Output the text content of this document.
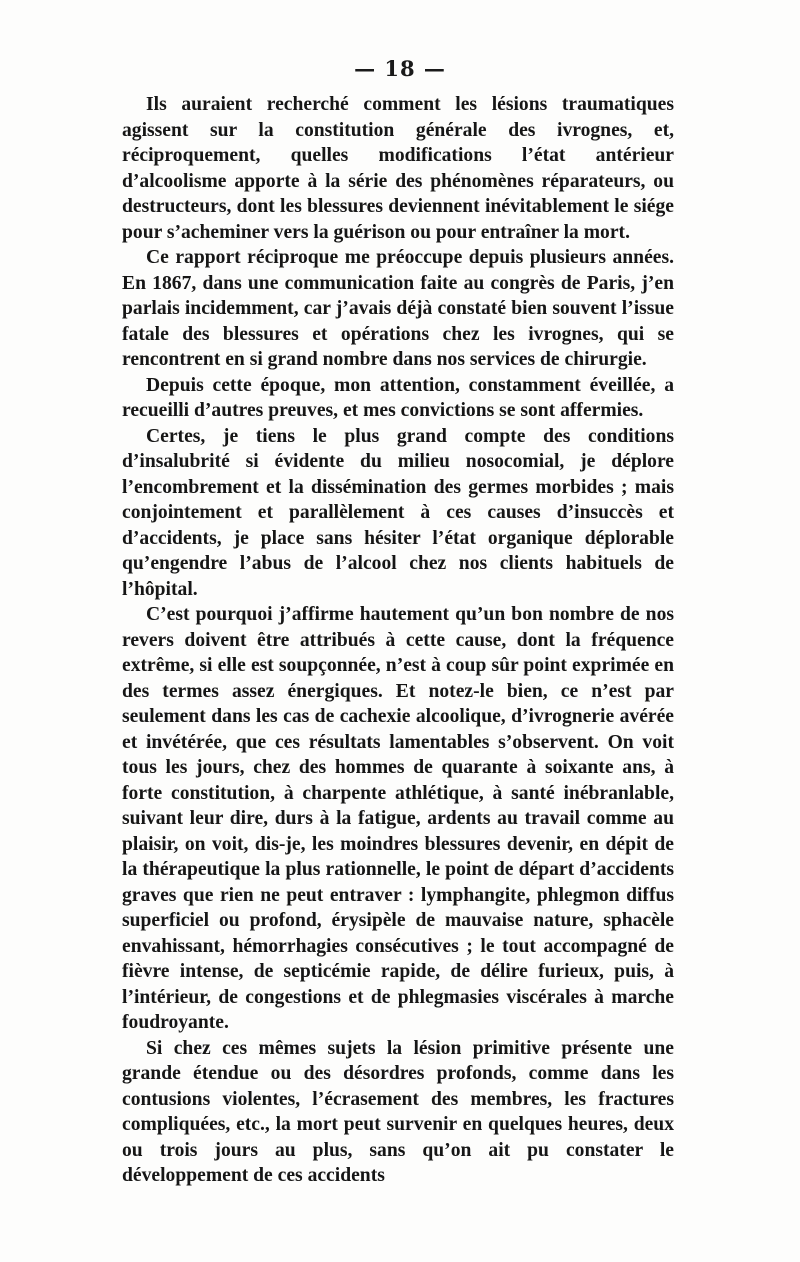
— 18 —

Ils auraient recherché comment les lésions traumatiques agissent sur la constitution générale des ivrognes, et, réciproquement, quelles modifications l’état antérieur d’alcoolisme apporte à la série des phénomènes réparateurs, ou destructeurs, dont les blessures deviennent inévitablement le siége pour s’acheminer vers la guérison ou pour entraîner la mort.

Ce rapport réciproque me préoccupe depuis plusieurs années. En 1867, dans une communication faite au congrès de Paris, j’en parlais incidemment, car j’avais déjà constaté bien souvent l’issue fatale des blessures et opérations chez les ivrognes, qui se rencontrent en si grand nombre dans nos services de chirurgie.

Depuis cette époque, mon attention, constamment éveillée, a recueilli d’autres preuves, et mes convictions se sont affermies.

Certes, je tiens le plus grand compte des conditions d’insalubrité si évidente du milieu nosocomial, je déplore l’encombrement et la dissémination des germes morbides ; mais conjointement et parallèlement à ces causes d’insuccès et d’accidents, je place sans hésiter l’état organique déplorable qu’engendre l’abus de l’alcool chez nos clients habituels de l’hôpital.

C’est pourquoi j’affirme hautement qu’un bon nombre de nos revers doivent être attribués à cette cause, dont la fréquence extrême, si elle est soupçonnée, n’est à coup sûr point exprimée en des termes assez énergiques. Et notez-le bien, ce n’est par seulement dans les cas de cachexie alcoolique, d’ivrognerie avérée et invétérée, que ces résultats lamentables s’observent. On voit tous les jours, chez des hommes de quarante à soixante ans, à forte constitution, à charpente athlétique, à santé inébranlable, suivant leur dire, durs à la fatigue, ardents au travail comme au plaisir, on voit, dis-je, les moindres blessures devenir, en dépit de la thérapeutique la plus rationnelle, le point de départ d’accidents graves que rien ne peut entraver : lymphangite, phlegmon diffus superficiel ou profond, érysipèle de mauvaise nature, sphacèle envahissant, hémorrhagies consécutives ; le tout accompagné de fièvre intense, de septicémie rapide, de délire furieux, puis, à l’intérieur, de congestions et de phlegmasies viscérales à marche foudroyante.

Si chez ces mêmes sujets la lésion primitive présente une grande étendue ou des désordres profonds, comme dans les contusions violentes, l’écrasement des membres, les fractures compliquées, etc., la mort peut survenir en quelques heures, deux ou trois jours au plus, sans qu’on ait pu constater le développement de ces accidents
